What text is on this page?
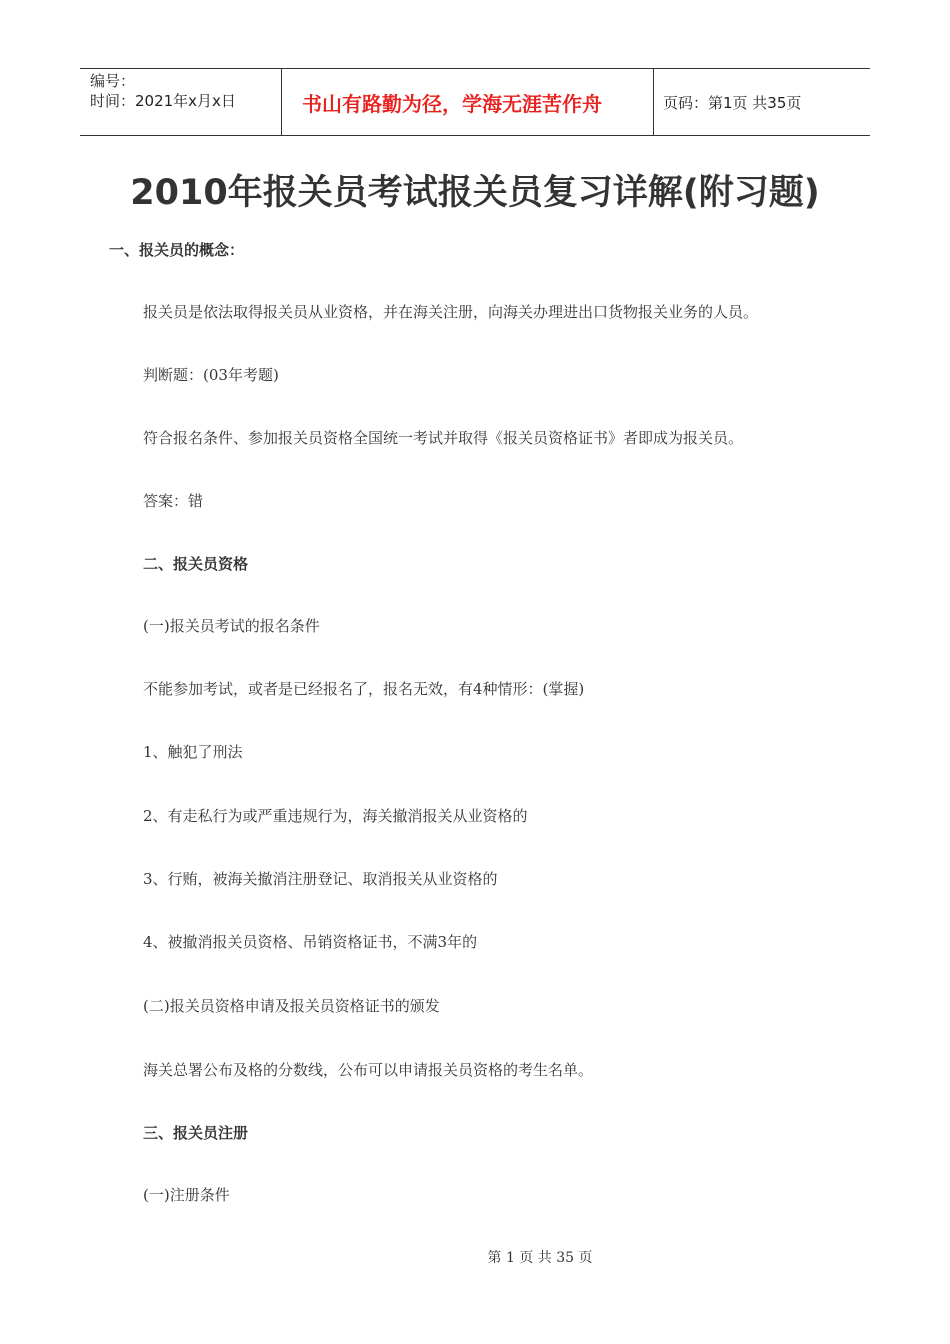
编号：
时间：2021年x月x日	书山有路勤为径，学海无涯苦作舟	页码：第1页 共35页
2010年报关员考试报关员复习详解(附习题)
一、报关员的概念：
报关员是依法取得报关员从业资格，并在海关注册，向海关办理进出口货物报关业务的人员。
判断题：(03年考题)
符合报名条件、参加报关员资格全国统一考试并取得《报关员资格证书》者即成为报关员。
答案：错
二、报关员资格
(一)报关员考试的报名条件
不能参加考试，或者是已经报名了，报名无效，有4种情形：(掌握)
1、触犯了刑法
2、有走私行为或严重违规行为，海关撤消报关从业资格的
3、行贿，被海关撤消注册登记、取消报关从业资格的
4、被撤消报关员资格、吊销资格证书，不满3年的
(二)报关员资格申请及报关员资格证书的颁发
海关总署公布及格的分数线，公布可以申请报关员资格的考生名单。
三、报关员注册
(一)注册条件
第 1 页 共 35 页
